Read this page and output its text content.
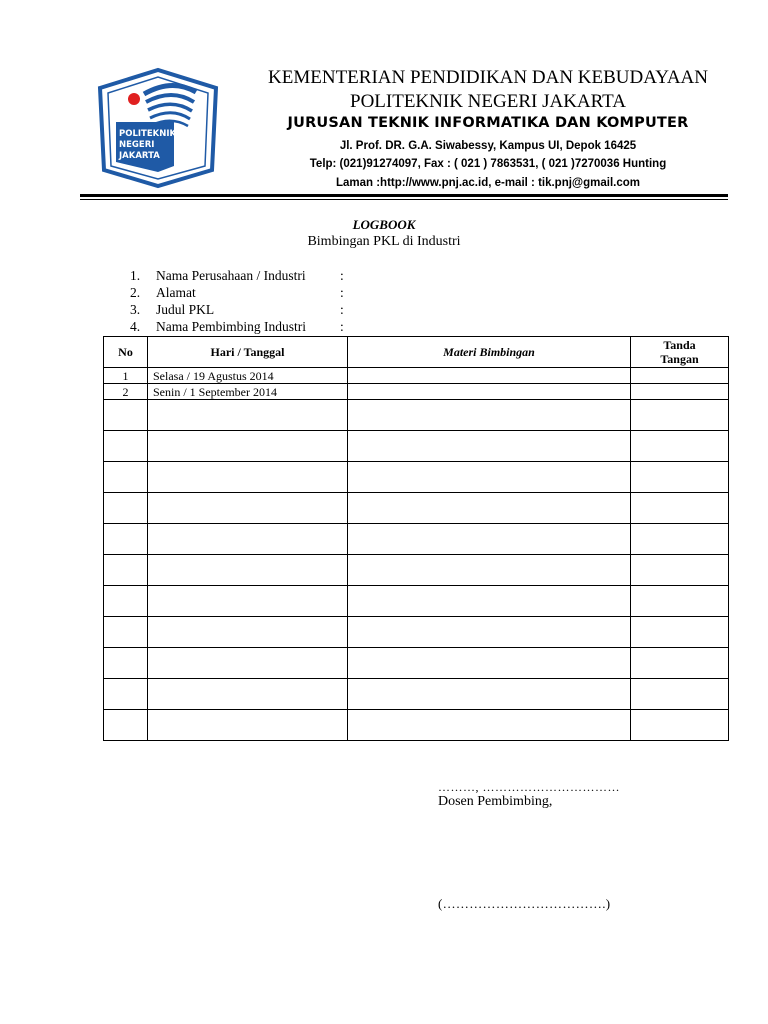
POLITEKNIK
NEGERI
JAKARTA
KEMENTERIAN PENDIDIKAN DAN KEBUDAYAAN
POLITEKNIK NEGERI JAKARTA
JURUSAN TEKNIK INFORMATIKA DAN KOMPUTER
Jl. Prof. DR. G.A. Siwabessy, Kampus UI, Depok 16425
Telp: (021)91274097, Fax : ( 021 ) 7863531, ( 021 )7270036 Hunting
Laman :http://www.pnj.ac.id, e-mail : tik.pnj@gmail.com
LOGBOOK
Bimbingan PKL di Industri
1.	Nama Perusahaan / Industri	:
2.	Alamat	:
3.	Judul PKL	:
4.	Nama Pembimbing Industri	:
No	Hari / Tanggal	Materi Bimbingan	Tanda
Tangan
1	Selasa / 19 Agustus 2014		
2	Senin / 1 September 2014		

………, ……………………………
Dosen Pembimbing,
(……………………………….)
